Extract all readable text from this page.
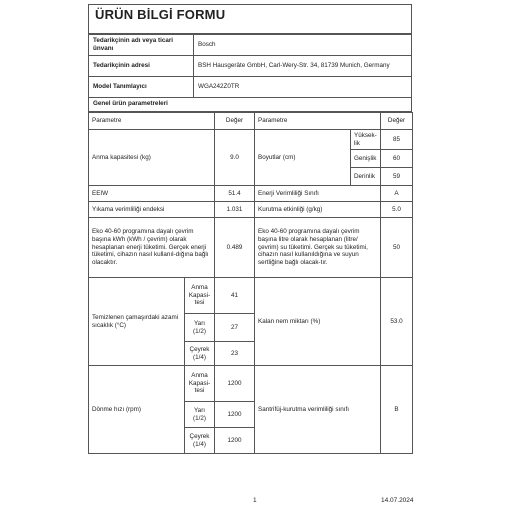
ÜRÜN BİLGİ FORMU
Tedarikçinin adı veya ticari ünvanı	Bosch
Tedarikçinin adresi	BSH Hausgeräte GmbH, Carl-Wery-Str. 34, 81739 Munich, Germany
Model Tanımlayıcı	WGA242Z0TR
Genel ürün parametreleri
Parametre		Değer	Parametre		Değer
Anma kapasitesi (kg)		9.0	Boyutlar (cm)	Yüksek-lik	85
				Genişlik	60
				Derinlik	59
EEIW		51.4	Enerji Verimliliği Sınıfı		A
Yıkama verimliliği endeksi		1.031	Kurutma etkinliği (g/kg)		5.0
Eko 40-60 programına dayalı çevrim başına kWh (kWh / çevrim) olarak hesaplanan enerji tüketimi. Gerçek enerji tüketimi, cihazın nasıl kullanıl-dığına bağlı olacaktır.		0.489	Eko 40-60 programına dayalı çevrim başına litre olarak hesaplanan (litre/çevrim) su tüketimi. Gerçek su tüketimi, cihazın nasıl kullanıldığına ve suyun sertliğine bağlı olacak-tır.		50
Temizlenen çamaşırdaki azami sıcaklık (°C)	Anma Kapasi-tesi	41	Kalan nem miktarı (%)		53.0
	Yarı (1/2)	27			
	Çeyrek (1/4)	23			
Dönme hızı (rpm)	Anma Kapasi-tesi	1200	Santrifüj-kurutma verimliliği sınıfı		B
	Yarı (1/2)	1200			
	Çeyrek (1/4)	1200			
1	14.07.2024
